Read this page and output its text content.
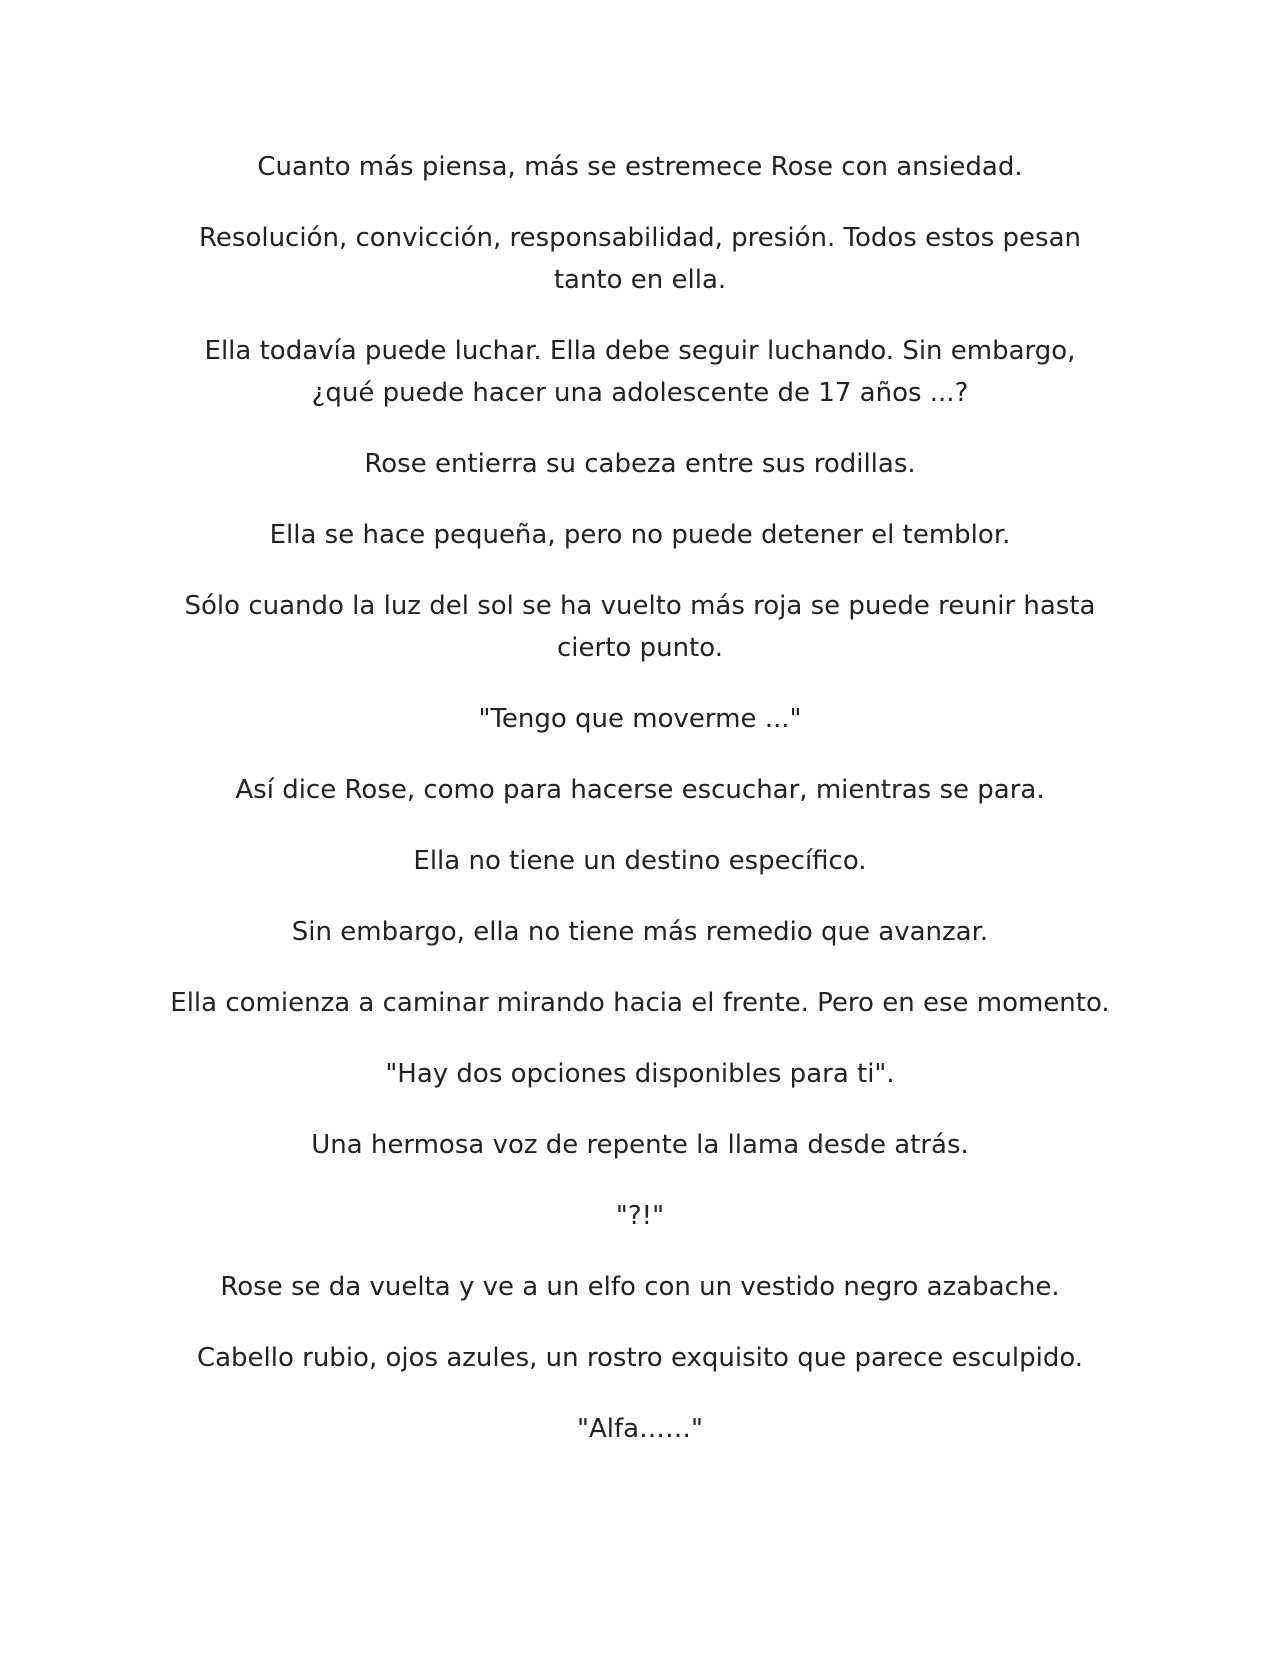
Cuanto más piensa, más se estremece Rose con ansiedad.

Resolución, convicción, responsabilidad, presión. Todos estos pesan tanto en ella.

Ella todavía puede luchar. Ella debe seguir luchando. Sin embargo, ¿qué puede hacer una adolescente de 17 años ...?

Rose entierra su cabeza entre sus rodillas.

Ella se hace pequeña, pero no puede detener el temblor.

Sólo cuando la luz del sol se ha vuelto más roja se puede reunir hasta cierto punto.

"Tengo que moverme ..."

Así dice Rose, como para hacerse escuchar, mientras se para.

Ella no tiene un destino específico.

Sin embargo, ella no tiene más remedio que avanzar.

Ella comienza a caminar mirando hacia el frente. Pero en ese momento.

"Hay dos opciones disponibles para ti".

Una hermosa voz de repente la llama desde atrás.

"?!"

Rose se da vuelta y ve a un elfo con un vestido negro azabache.

Cabello rubio, ojos azules, un rostro exquisito que parece esculpido.

"Alfa……"
